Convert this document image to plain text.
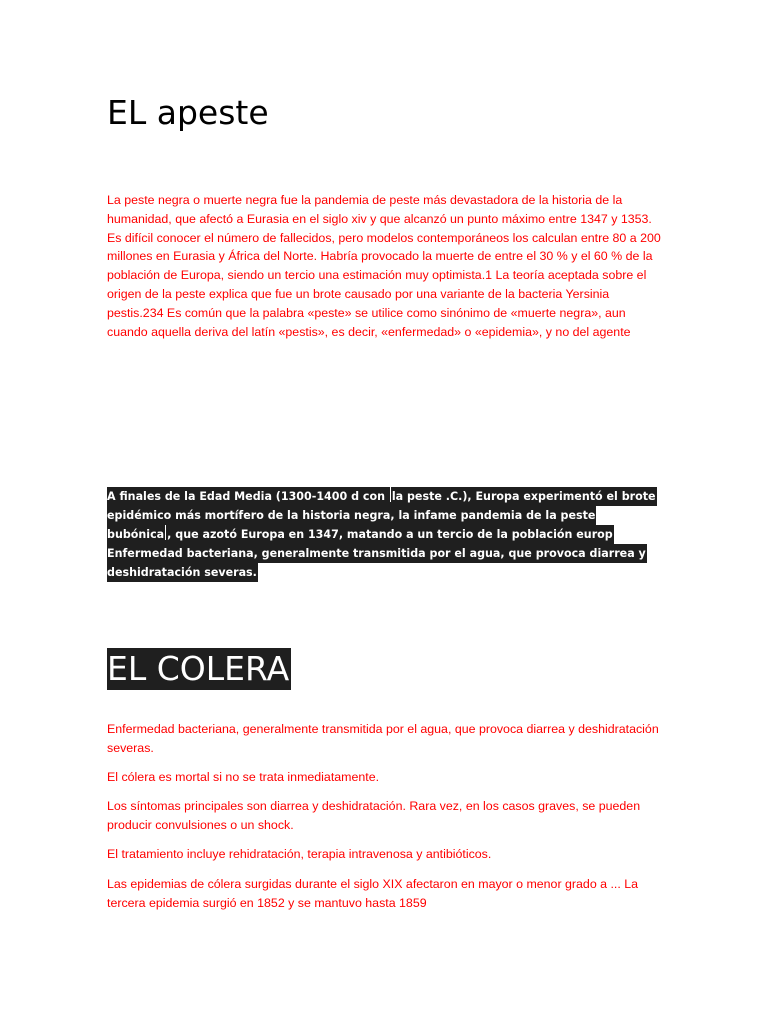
EL apeste

La peste negra o muerte negra fue la pandemia de peste más devastadora de la historia de la humanidad, que afectó a Eurasia en el siglo xiv y que alcanzó un punto máximo entre 1347 y 1353. Es difícil conocer el número de fallecidos, pero modelos contemporáneos los calculan entre 80 a 200 millones en Eurasia y África del Norte. Habría provocado la muerte de entre el 30 % y el 60 % de la población de Europa, siendo un tercio una estimación muy optimista.1 La teoría aceptada sobre el origen de la peste explica que fue un brote causado por una variante de la bacteria Yersinia pestis.234 Es común que la palabra «peste» se utilice como sinónimo de «muerte negra», aun cuando aquella deriva del latín «pestis», es decir, «enfermedad» o «epidemia», y no del agente

A finales de la Edad Media (1300-1400 d con la peste .C.), Europa experimentó el brote
epidémico más mortífero de la historia negra, la infame pandemia de la peste
bubónica , que azotó Europa en 1347, matando a un tercio de la población europ
Enfermedad bacteriana, generalmente transmitida por el agua, que provoca diarrea y
deshidratación severas.
EL COLERA

Enfermedad bacteriana, generalmente transmitida por el agua, que provoca diarrea y deshidratación severas.

El cólera es mortal si no se trata inmediatamente.

Los síntomas principales son diarrea y deshidratación. Rara vez, en los casos graves, se pueden producir convulsiones o un shock.

El tratamiento incluye rehidratación, terapia intravenosa y antibióticos.

Las epidemias de cólera surgidas durante el siglo XIX afectaron en mayor o menor grado a ... La tercera epidemia surgió en 1852 y se mantuvo hasta 1859
